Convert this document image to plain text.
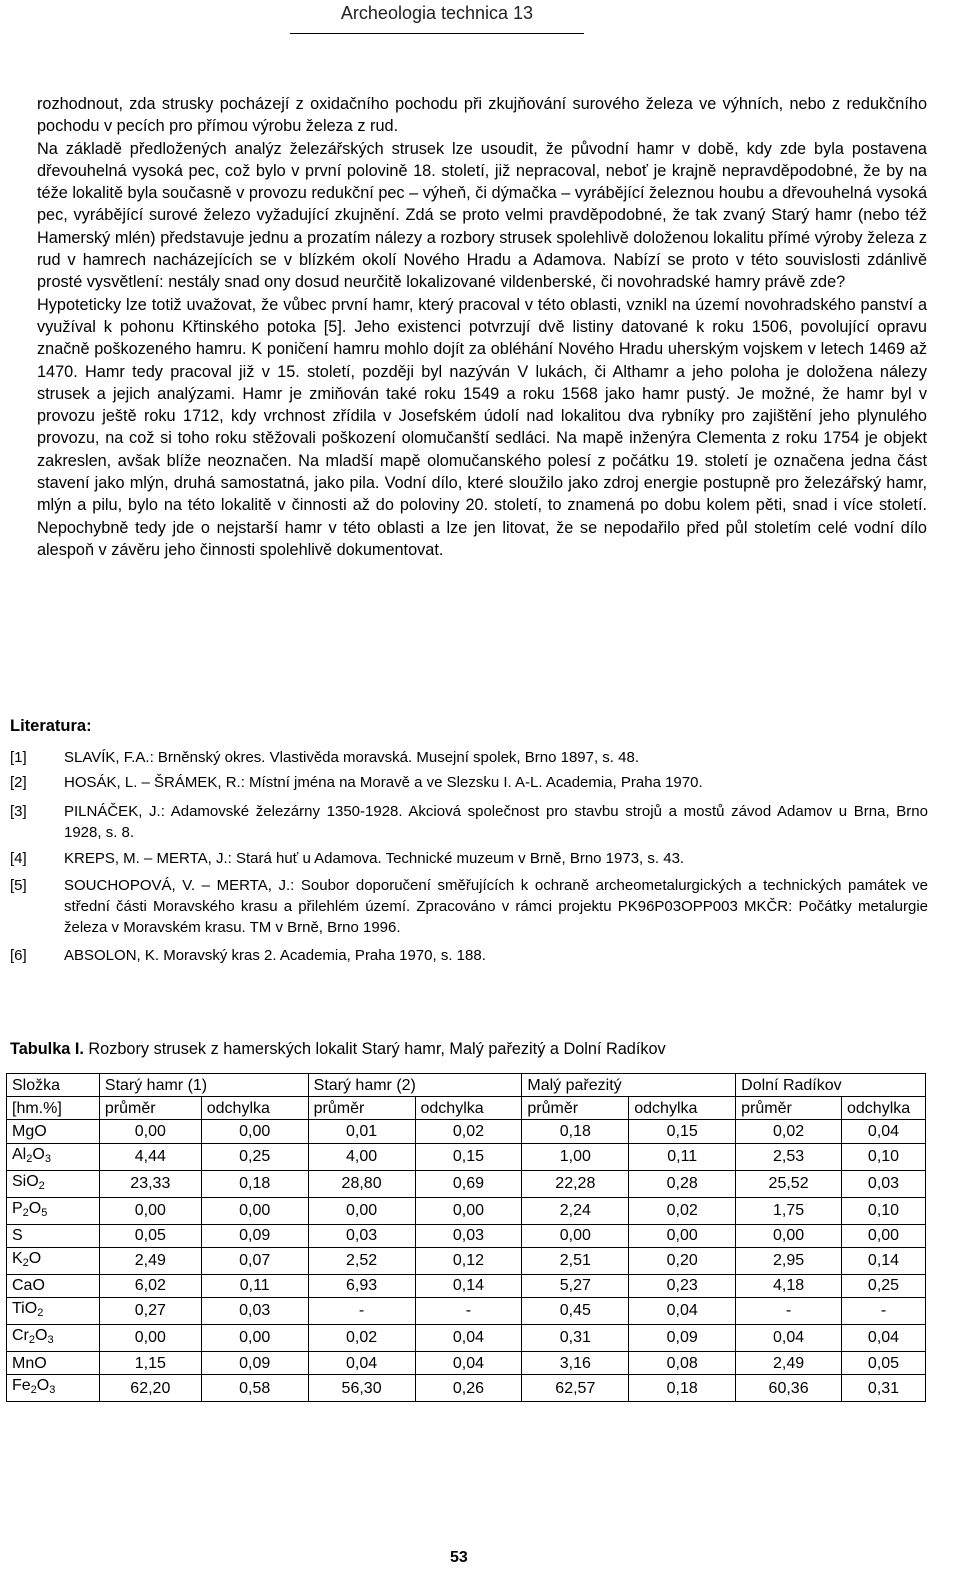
Archeologia technica 13

rozhodnout, zda strusky pocházejí z oxidačního pochodu při zkujňování surového železa ve výhních, nebo z redukčního pochodu v pecích pro přímou výrobu železa z rud.

Na základě předložených analýz železářských strusek lze usoudit, že původní hamr v době, kdy zde byla postavena dřevouhelná vysoká pec, což bylo v první polovině 18. století, již nepracoval, neboť je krajně nepravděpodobné, že by na téže lokalitě byla současně v provozu redukční pec – výheň, či dýmačka – vyrábějící železnou houbu a dřevouhelná vysoká pec, vyrábějící surové železo vyžadující zkujnění. Zdá se proto velmi pravděpodobné, že tak zvaný Starý hamr (nebo též Hamerský mlén) představuje jednu a prozatím nálezy a rozbory strusek spolehlivě doloženou lokalitu přímé výroby železa z rud v hamrech nacházejících se v blízkém okolí Nového Hradu a Adamova. Nabízí se proto v této souvislosti zdánlivě prosté vysvětlení: nestály snad ony dosud neurčitě lokalizované vildenberské, či novohradské hamry právě zde?

Hypoteticky lze totiž uvažovat, že vůbec první hamr, který pracoval v této oblasti, vznikl na území novohradského panství a využíval k pohonu Křtinského potoka [5]. Jeho existenci potvrzují dvě listiny datované k roku 1506, povolující opravu značně poškozeného hamru. K poničení hamru mohlo dojít za obléhání Nového Hradu uherským vojskem v letech 1469 až 1470. Hamr tedy pracoval již v 15. století, později byl nazýván V lukách, či Althamr a jeho poloha je doložena nálezy strusek a jejich analýzami. Hamr je zmiňován také roku 1549 a roku 1568 jako hamr pustý. Je možné, že hamr byl v provozu ještě roku 1712, kdy vrchnost zřídila v Josefském údolí nad lokalitou dva rybníky pro zajištění jeho plynulého provozu, na což si toho roku stěžovali poškození olomučanští sedláci. Na mapě inženýra Clementa z roku 1754 je objekt zakreslen, avšak blíže neoznačen. Na mladší mapě olomučanského polesí z počátku 19. století je označena jedna část stavení jako mlýn, druhá samostatná, jako pila. Vodní dílo, které sloužilo jako zdroj energie postupně pro železářský hamr, mlýn a pilu, bylo na této lokalitě v činnosti až do poloviny 20. století, to znamená po dobu kolem pěti, snad i více století. Nepochybně tedy jde o nejstarší hamr v této oblasti a lze jen litovat, že se nepodařilo před půl stoletím celé vodní dílo alespoň v závěru jeho činnosti spolehlivě dokumentovat.

Literatura:
[1]	SLAVÍK, F.A.: Brněnský okres. Vlastivěda moravská. Musejní spolek, Brno 1897, s. 48.
[2]	HOSÁK, L. – ŠRÁMEK, R.: Místní jména na Moravě a ve Slezsku I. A-L. Academia, Praha 1970.
[3]	PILNÁČEK, J.: Adamovské železárny 1350-1928. Akciová společnost pro stavbu strojů a mostů závod Adamov u Brna, Brno 1928, s. 8.
[4]	KREPS, M. – MERTA, J.: Stará huť u Adamova. Technické muzeum v Brně, Brno 1973, s. 43.
[5]	SOUCHOPOVÁ, V. – MERTA, J.: Soubor doporučení směřujících k ochraně archeometalurgických a technických památek ve střední části Moravského krasu a přilehlém území. Zpracováno v rámci projektu PK96P03OPP003 MKČR: Počátky metalurgie železa v Moravském krasu. TM v Brně, Brno 1996.
[6]	ABSOLON, K. Moravský kras 2. Academia, Praha 1970, s. 188.
Tabulka I. Rozbory strusek z hamerských lokalit Starý hamr, Malý pařezitý a Dolní Radíkov
Složka	Starý hamr (1)		Starý hamr (2)		Malý pařezitý		Dolní Radíkov	
[hm.%]	průměr	odchylka	průměr	odchylka	průměr	odchylka	průměr	odchylka
MgO	0,00	0,00	0,01	0,02	0,18	0,15	0,02	0,04
$Al_2O_3$	4,44	0,25	4,00	0,15	1,00	0,11	2,53	0,10
SiO$_2$	23,33	0,18	28,80	0,69	22,28	0,28	25,52	0,03
$P_2O_5$	0,00	0,00	0,00	0,00	2,24	0,02	1,75	0,10
S	0,05	0,09	0,03	0,03	0,00	0,00	0,00	0,00
$K_2O$	2,49	0,07	2,52	0,12	2,51	0,20	2,95	0,14
CaO	6,02	0,11	6,93	0,14	5,27	0,23	4,18	0,25
TiO$_2$	0,27	0,03	-	-	0,45	0,04	-	-
$Cr_2O_3$	0,00	0,00	0,02	0,04	0,31	0,09	0,04	0,04
MnO	1,15	0,09	0,04	0,04	3,16	0,08	2,49	0,05
$Fe_2O_3$	62,20	0,58	56,30	0,26	62,57	0,18	60,36	0,31
53
